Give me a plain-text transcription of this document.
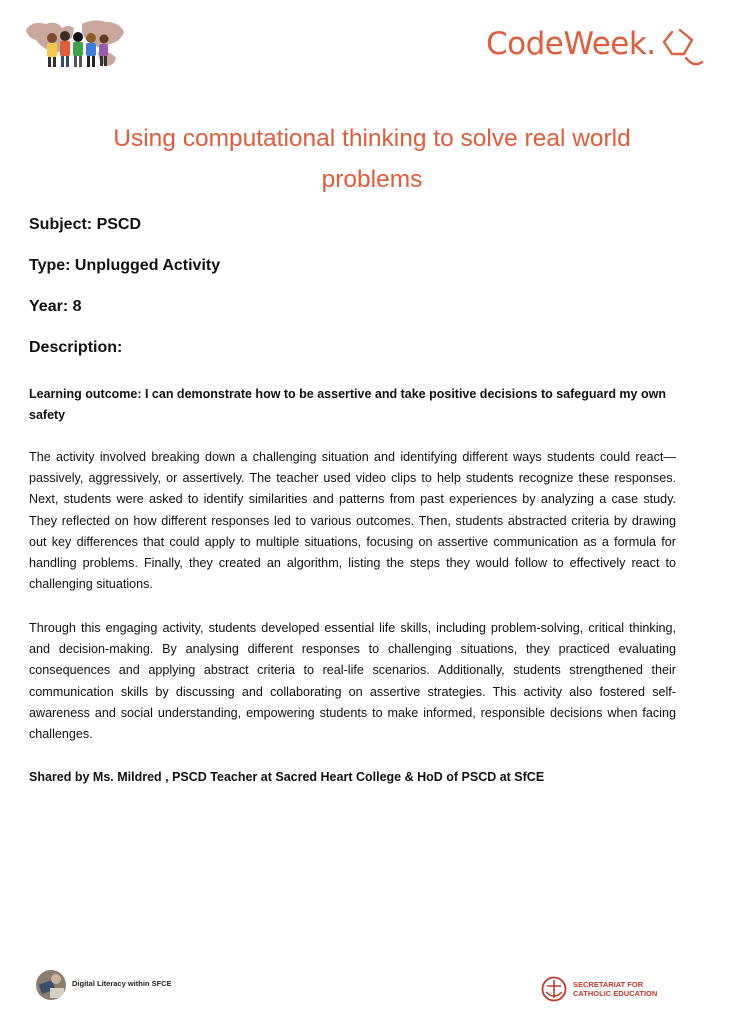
CodeWeek.
Using computational thinking to solve real world
problems
Subject: PSCD
Type: Unplugged Activity
Year: 8
Description:
Learning outcome: I can demonstrate how to be assertive and take positive decisions to safeguard my own safety
The activity involved breaking down a challenging situation and identifying different ways students could react—passively, aggressively, or assertively. The teacher used video clips to help students recognize these responses. Next, students were asked to identify similarities and patterns from past experiences by analyzing a case study. They reflected on how different responses led to various outcomes. Then, students abstracted criteria by drawing out key differences that could apply to multiple situations, focusing on assertive communication as a formula for handling problems. Finally, they created an algorithm, listing the steps they would follow to effectively react to challenging situations.
Through this engaging activity, students developed essential life skills, including problem-solving, critical thinking, and decision-making. By analysing different responses to challenging situations, they practiced evaluating consequences and applying abstract criteria to real-life scenarios. Additionally, students strengthened their communication skills by discussing and collaborating on assertive strategies. This activity also fostered self-awareness and social understanding, empowering students to make informed, responsible decisions when facing challenges.
Shared by Ms. Mildred , PSCD Teacher at Sacred Heart College & HoD of PSCD at SfCE
Digital Literacy within SFCE	SECRETARIAT FOR
CATHOLIC EDUCATION
